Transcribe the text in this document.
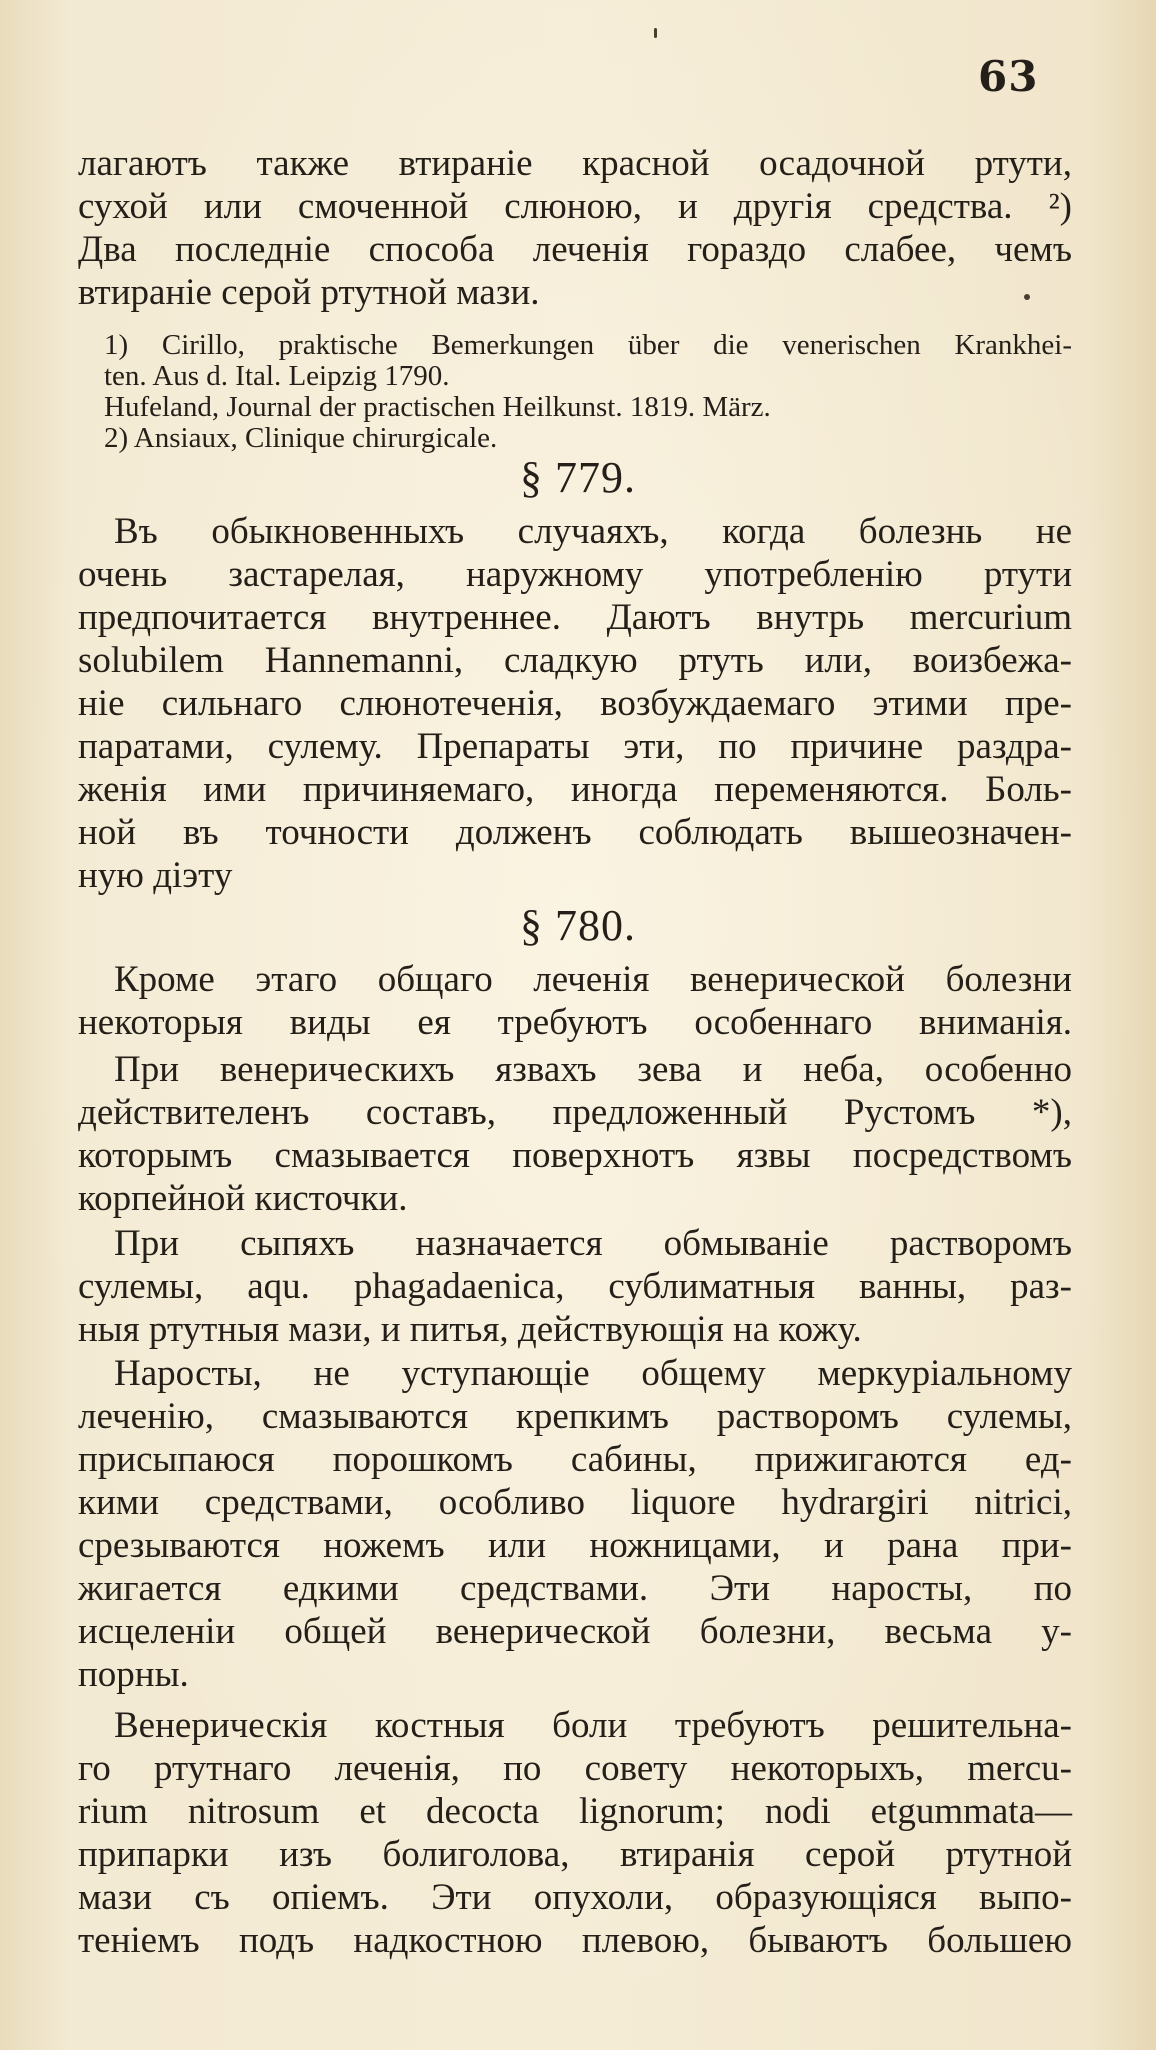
63
лагаютъ также втиранiе красной осадочной ртути,
сухой или смоченной слюною, и другiя средства. ²)
Два последнiе способа леченiя гораздо слабее, чемъ
втиранiе серой ртутной мази.
1) Cirillo, praktische Bemerkungen über die venerischen Krankhei-
ten. Aus d. Ital. Leipzig 1790.
Hufeland, Journal der practischen Heilkunst. 1819. März.
2) Ansiaux, Clinique chirurgicale.
§ 779.
Въ обыкновенныхъ случаяхъ, когда болезнь не
очень застарелая, наружному употребленiю ртути
предпочитается внутреннее. Даютъ внутрь mercurium
solubilem Hannemanni, сладкую ртуть или, воизбежа-
нiе сильнаго слюнотеченiя, возбуждаемаго этими пре-
паратами, сулему. Препараты эти, по причине раздра-
женiя ими причиняемаго, иногда переменяются. Боль-
ной въ точности долженъ соблюдать вышеозначен-
ную дiэту
§ 780.
Кроме этаго общаго леченiя венерической болезни
некоторыя виды ея требуютъ особеннаго вниманiя.
При венерическихъ язвахъ зева и неба, особенно
действителенъ составъ, предложенный Рустомъ *),
которымъ смазывается поверхнотъ язвы посредствомъ
корпейной кисточки.
При сыпяхъ назначается обмыванiе растворомъ
сулемы, aqu. phagadaenica, сублиматныя ванны, раз-
ныя ртутныя мази, и питья, действующiя на кожу.
Наросты, не уступающiе общему меркурiальному
леченiю, смазываются крепкимъ растворомъ сулемы,
присыпаюся порошкомъ сабины, прижигаются ед-
кими средствами, особливо liquore hydrargiri nitrici,
срезываются ножемъ или ножницами, и рана при-
жигается едкими средствами. Эти наросты, по
исцеленiи общей венерической болезни, весьма у-
порны.
Венерическiя костныя боли требуютъ решительна-
го ртутнаго леченiя, по совету некоторыхъ, mercu-
rium nitrosum et decocta lignorum; nodi etgummata—
припарки изъ болиголова, втиранiя серой ртутной
мази съ опiемъ. Эти опухоли, образующiяся выпо-
тенiемъ подъ надкостною плевою, бываютъ большею
